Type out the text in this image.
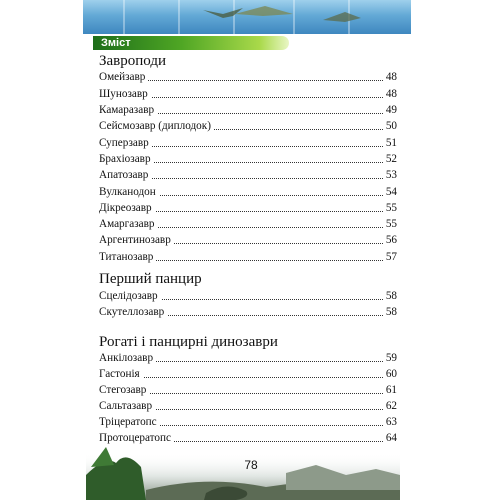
Зміст
Завроподи
Омейзавр	48
Шунозавр	48
Камаразавр	49
Сейсмозавр (диплодок)	50
Суперзавр	51
Брахіозавр	52
Апатозавр	53
Вулканодон	54
Дікреозавр	55
Амаргазавр	55
Аргентинозавр	56
Титанозавр	57
Перший панцир
Сцелідозавр	58
Скутеллозавр	58
Рогаті і панцирні динозаври
Анкілозавр	59
Гастонія	60
Стегозавр	61
Сальтазавр	62
Тріцератопс	63
Протоцератопс	64
78
